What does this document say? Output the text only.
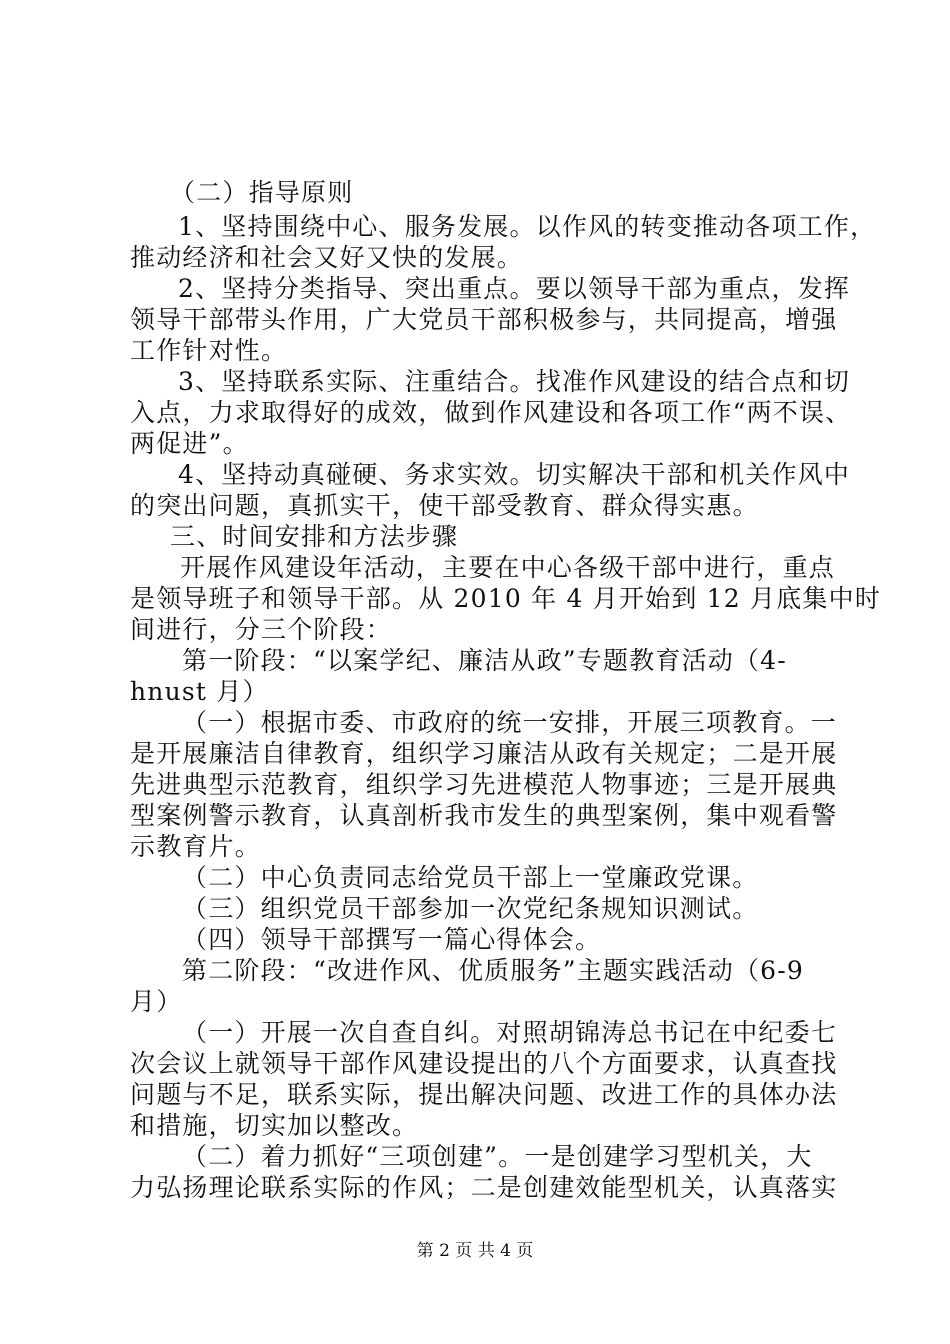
（二）指导原则
1、坚持围绕中心、服务发展。以作风的转变推动各项工作，
推动经济和社会又好又快的发展。
2、坚持分类指导、突出重点。要以领导干部为重点，发挥
领导干部带头作用，广大党员干部积极参与，共同提高，增强
工作针对性。
3、坚持联系实际、注重结合。找准作风建设的结合点和切
入点，力求取得好的成效，做到作风建设和各项工作“两不误、
两促进”。
4、坚持动真碰硬、务求实效。切实解决干部和机关作风中
的突出问题，真抓实干，使干部受教育、群众得实惠。
三、时间安排和方法步骤
开展作风建设年活动，主要在中心各级干部中进行，重点
是领导班子和领导干部。从 2010 年 4 月开始到 12 月底集中时
间进行，分三个阶段：
第一阶段：“以案学纪、廉洁从政”专题教育活动（4-
hnust 月）
（一）根据市委、市政府的统一安排，开展三项教育。一
是开展廉洁自律教育，组织学习廉洁从政有关规定；二是开展
先进典型示范教育，组织学习先进模范人物事迹；三是开展典
型案例警示教育，认真剖析我市发生的典型案例，集中观看警
示教育片。
（二）中心负责同志给党员干部上一堂廉政党课。
（三）组织党员干部参加一次党纪条规知识测试。
（四）领导干部撰写一篇心得体会。
第二阶段：“改进作风、优质服务”主题实践活动（6-9
月）
（一）开展一次自查自纠。对照胡锦涛总书记在中纪委七
次会议上就领导干部作风建设提出的八个方面要求，认真查找
问题与不足，联系实际，提出解决问题、改进工作的具体办法
和措施，切实加以整改。
（二）着力抓好“三项创建”。一是创建学习型机关，大
力弘扬理论联系实际的作风；二是创建效能型机关，认真落实
第 2 页 共 4 页
